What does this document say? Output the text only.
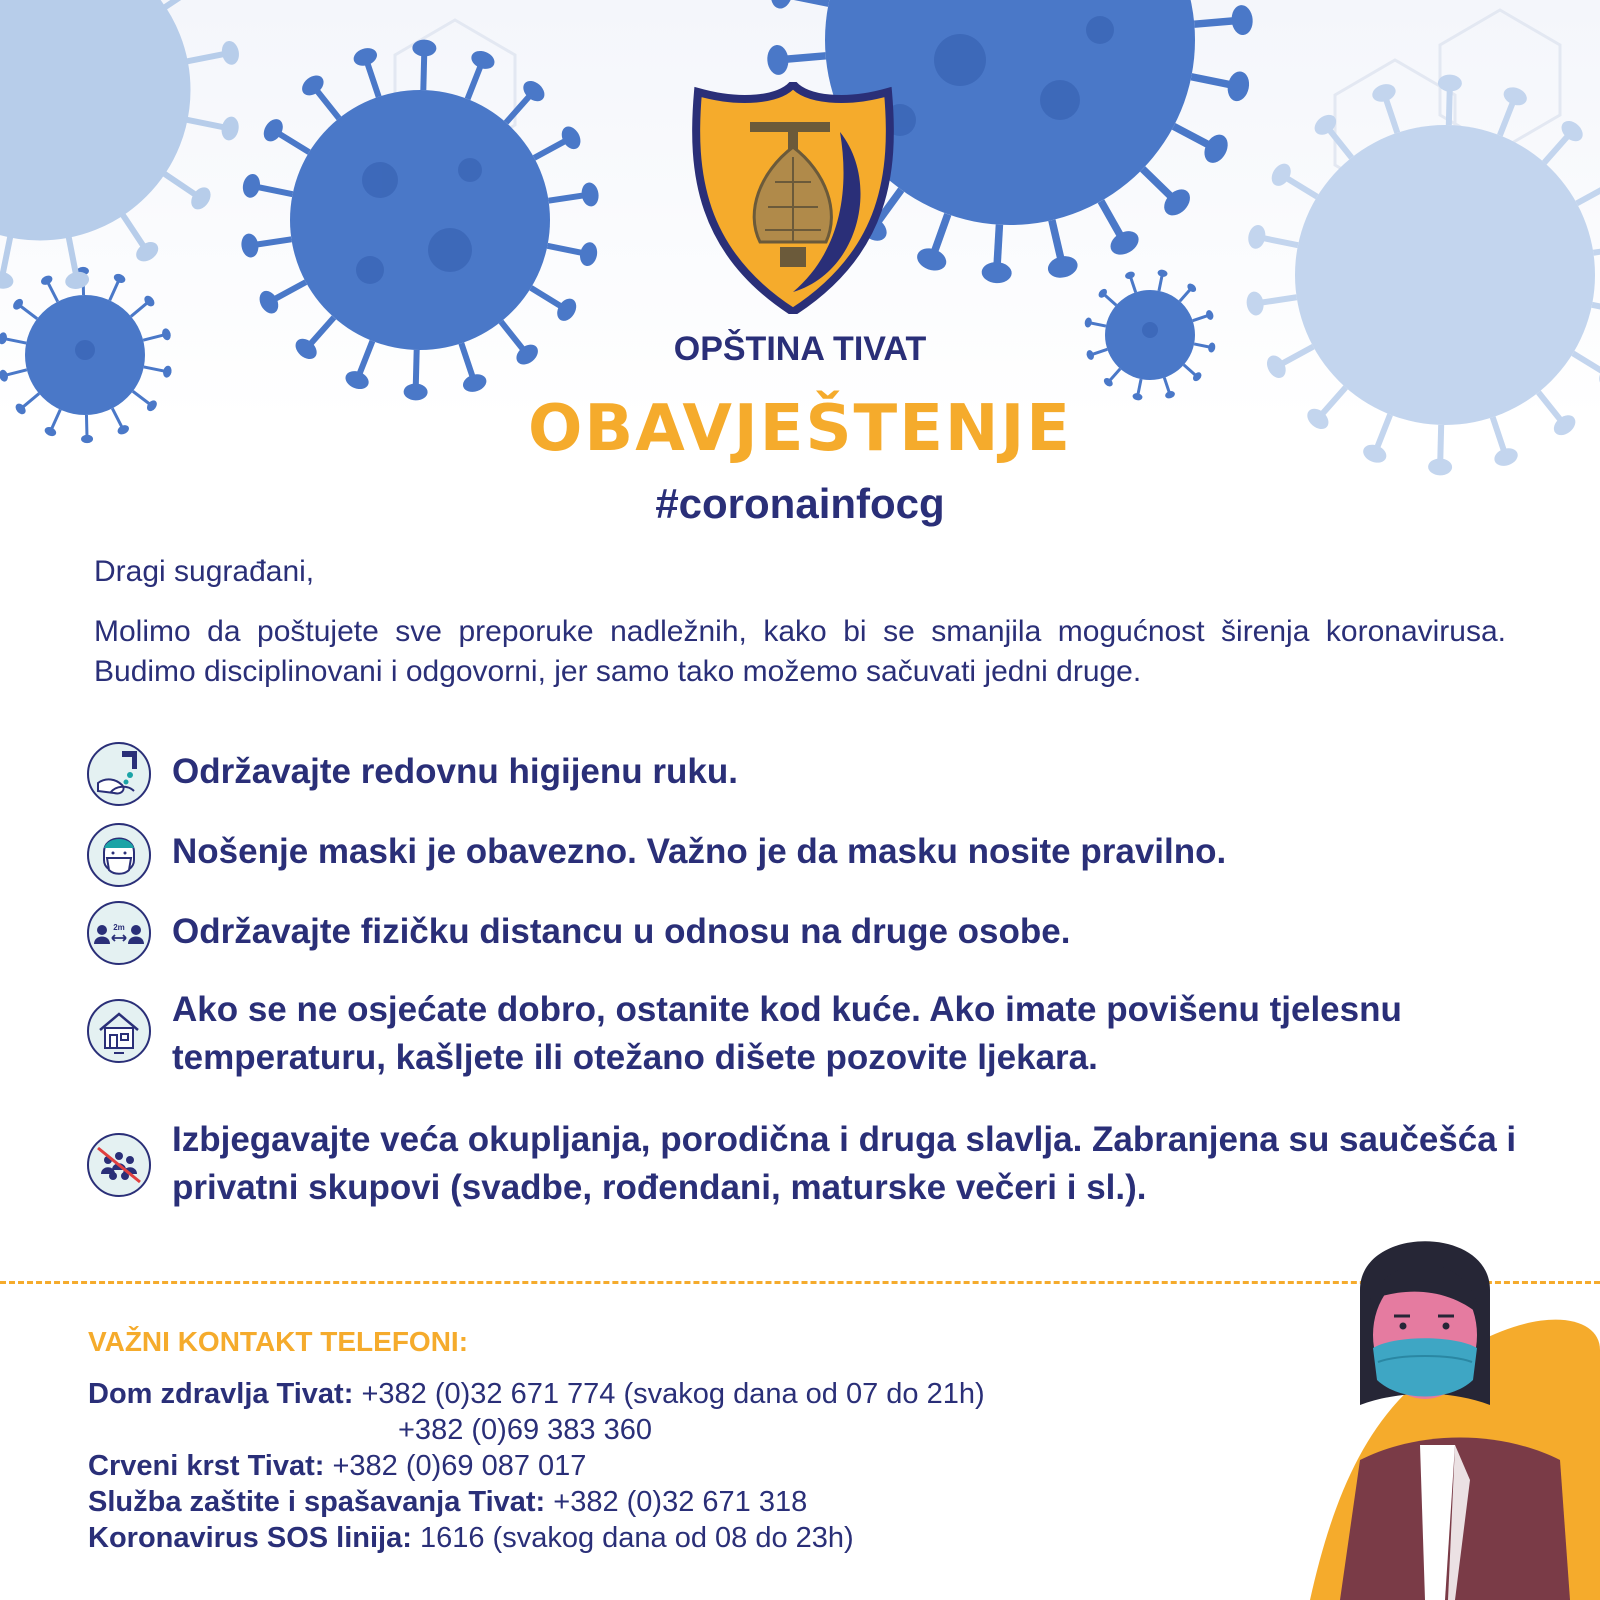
OPŠTINA TIVAT
OBAVJEŠTENJE
#coronainfocg

Dragi sugrađani,

Molimo da poštujete sve preporuke nadležnih, kako bi se smanjila mogućnost širenja koronavirusa. Budimo disciplinovani i odgovorni, jer samo tako možemo sačuvati jedni druge.

Održavajte redovnu higijenu ruku.

Nošenje maski je obavezno. Važno je da masku nosite pravilno.

2m Održavajte fizičku distancu u odnosu na druge osobe.

Ako se ne osjećate dobro, ostanite kod kuće. Ako imate povišenu tjelesnu temperaturu, kašljete ili otežano dišete pozovite ljekara.

Izbjegavajte veća okupljanja, porodična i druga slavlja. Zabranjena su saučešća i privatni skupovi (svadbe, rođendani, maturske večeri i sl.).

VAŽNI KONTAKT TELEFONI:

Dom zdravlja Tivat: +382 (0)32 671 774 (svakog dana od 07 do 21h)

+382 (0)69 383 360

Crveni krst Tivat: +382 (0)69 087 017

Služba zaštite i spašavanja Tivat: +382 (0)32 671 318

Koronavirus SOS linija: 1616 (svakog dana od 08 do 23h)
